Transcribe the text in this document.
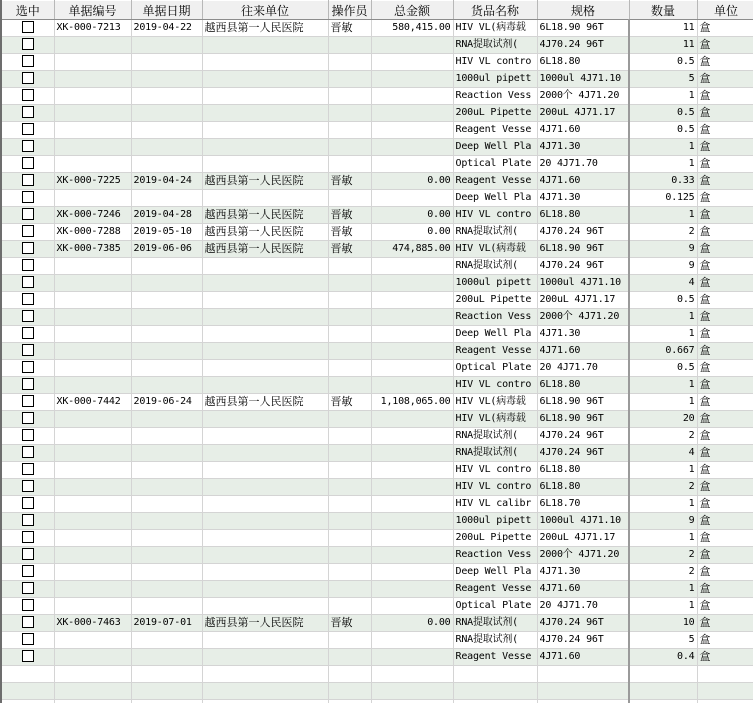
选中	单据编号	单据日期	往来单位	操作员	总金额	货品名称	规格	数量	单位
	XK-000-7213	2019-04-22	越西县第一人民医院	晋敏	580,415.00	HIV VL(病毒载	6L18.90 96T	11	盒
						RNA提取试剂(	4J70.24 96T	11	盒
						HIV VL contro	6L18.80	0.5	盒
						1000ul pipett	1000ul 4J71.10	5	盒
						Reaction Vess	2000个 4J71.20	1	盒
						200uL Pipette	200uL 4J71.17	0.5	盒
						Reagent Vesse	4J71.60	0.5	盒
						Deep Well Pla	4J71.30	1	盒
						Optical Plate	20 4J71.70	1	盒
	XK-000-7225	2019-04-24	越西县第一人民医院	晋敏	0.00	Reagent Vesse	4J71.60	0.33	盒
						Deep Well Pla	4J71.30	0.125	盒
	XK-000-7246	2019-04-28	越西县第一人民医院	晋敏	0.00	HIV VL contro	6L18.80	1	盒
	XK-000-7288	2019-05-10	越西县第一人民医院	晋敏	0.00	RNA提取试剂(	4J70.24 96T	2	盒
	XK-000-7385	2019-06-06	越西县第一人民医院	晋敏	474,885.00	HIV VL(病毒载	6L18.90 96T	9	盒
						RNA提取试剂(	4J70.24 96T	9	盒
						1000ul pipett	1000ul 4J71.10	4	盒
						200uL Pipette	200uL 4J71.17	0.5	盒
						Reaction Vess	2000个 4J71.20	1	盒
						Deep Well Pla	4J71.30	1	盒
						Reagent Vesse	4J71.60	0.667	盒
						Optical Plate	20 4J71.70	0.5	盒
						HIV VL contro	6L18.80	1	盒
	XK-000-7442	2019-06-24	越西县第一人民医院	晋敏	1,108,065.00	HIV VL(病毒载	6L18.90 96T	1	盒
						HIV VL(病毒载	6L18.90 96T	20	盒
						RNA提取试剂(	4J70.24 96T	2	盒
						RNA提取试剂(	4J70.24 96T	4	盒
						HIV VL contro	6L18.80	1	盒
						HIV VL contro	6L18.80	2	盒
						HIV VL calibr	6L18.70	1	盒
						1000ul pipett	1000ul 4J71.10	9	盒
						200uL Pipette	200uL 4J71.17	1	盒
						Reaction Vess	2000个 4J71.20	2	盒
						Deep Well Pla	4J71.30	2	盒
						Reagent Vesse	4J71.60	1	盒
						Optical Plate	20 4J71.70	1	盒
	XK-000-7463	2019-07-01	越西县第一人民医院	晋敏	0.00	RNA提取试剂(	4J70.24 96T	10	盒
						RNA提取试剂(	4J70.24 96T	5	盒
						Reagent Vesse	4J71.60	0.4	盒
